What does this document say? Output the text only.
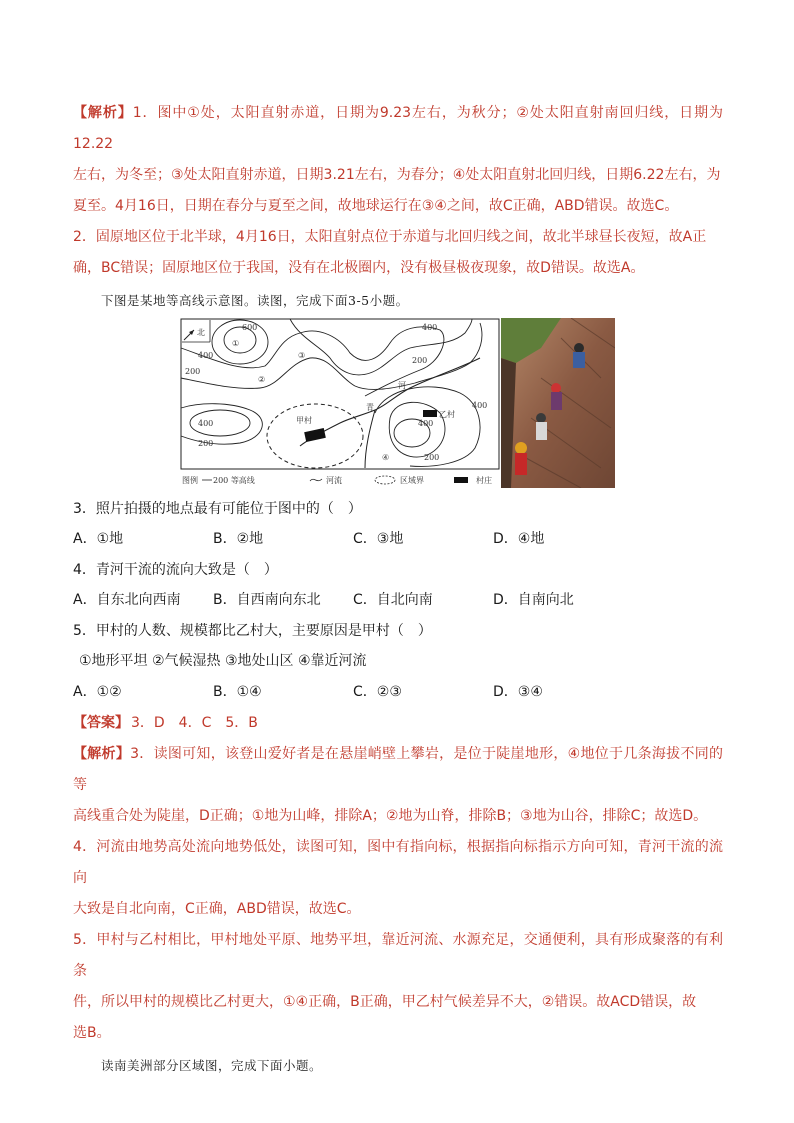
【解析】1．图中①处，太阳直射赤道，日期为9.23左右，为秋分；②处太阳直射南回归线，日期为12.22
左右，为冬至；③处太阳直射赤道，日期3.21左右，为春分；④处太阳直射北回归线，日期6.22左右，为
夏至。4月16日，日期在春分与夏至之间，故地球运行在③④之间，故C正确，ABD错误。故选C。
2．固原地区位于北半球，4月16日，太阳直射点位于赤道与北回归线之间，故北半球昼长夜短，故A正
确，BC错误；固原地区位于我国，没有在北极圈内，没有极昼极夜现象，故D错误。故选A。

下图是某地等高线示意图。读图，完成下面3-5小题。

北
甲村
乙村
青
河
600
400
200
400
200
400
200
400
400
200
①
②
③
④
图例 200 等高线	河流	区域界	村庄

3．照片拍摄的地点最有可能位于图中的（　）

A．①地	B．②地	C．③地	D．④地

4．青河干流的流向大致是（　）

A．自东北向西南	B．自西南向东北	C．自北向南	D．自南向北

5．甲村的人数、规模都比乙村大，主要原因是甲村（　）

①地形平坦 ②气候湿热 ③地处山区 ④靠近河流
A．①②	B．①④	C．②③	D．③④
【答案】 3．D　4．C　5．B

【解析】3．读图可知，该登山爱好者是在悬崖峭壁上攀岩，是位于陡崖地形，④地位于几条海拔不同的等
高线重合处为陡崖，D正确；①地为山峰，排除A；②地为山脊，排除B；③地为山谷，排除C；故选D。
4．河流由地势高处流向地势低处，读图可知，图中有指向标，根据指向标指示方向可知，青河干流的流向
大致是自北向南，C正确，ABD错误，故选C。
5．甲村与乙村相比，甲村地处平原、地势平坦，靠近河流、水源充足，交通便利，具有形成聚落的有利条
件，所以甲村的规模比乙村更大，①④正确，B正确，甲乙村气候差异不大，②错误。故ACD错误，故
选B。

读南美洲部分区域图，完成下面小题。
